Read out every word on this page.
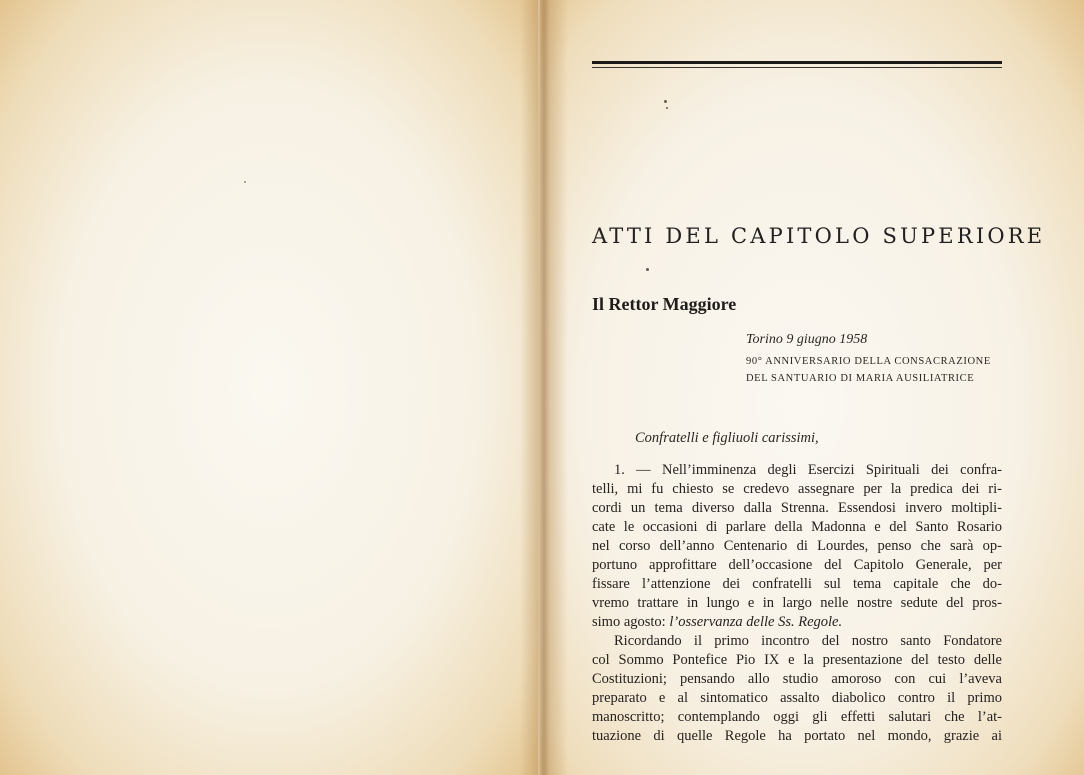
ATTI DEL CAPITOLO SUPERIORE
Il Rettor Maggiore
Torino 9 giugno 1958
90° ANNIVERSARIO DELLA CONSACRAZIONE
DEL SANTUARIO DI MARIA AUSILIATRICE
Confratelli e figliuoli carissimi,
1. — Nell’imminenza degli Esercizi Spirituali dei confra-
telli, mi fu chiesto se credevo assegnare per la predica dei ri-
cordi un tema diverso dalla Strenna. Essendosi invero moltipli-
cate le occasioni di parlare della Madonna e del Santo Rosario
nel corso dell’anno Centenario di Lourdes, penso che sarà op-
portuno approfittare dell’occasione del Capitolo Generale, per
fissare l’attenzione dei confratelli sul tema capitale che do-
vremo trattare in lungo e in largo nelle nostre sedute del pros-
simo agosto: l’osservanza delle Ss. Regole.
Ricordando il primo incontro del nostro santo Fondatore
col Sommo Pontefice Pio IX e la presentazione del testo delle
Costituzioni; pensando allo studio amoroso con cui l’aveva
preparato e al sintomatico assalto diabolico contro il primo
manoscritto; contemplando oggi gli effetti salutari che l’at-
tuazione di quelle Regole ha portato nel mondo, grazie ai
